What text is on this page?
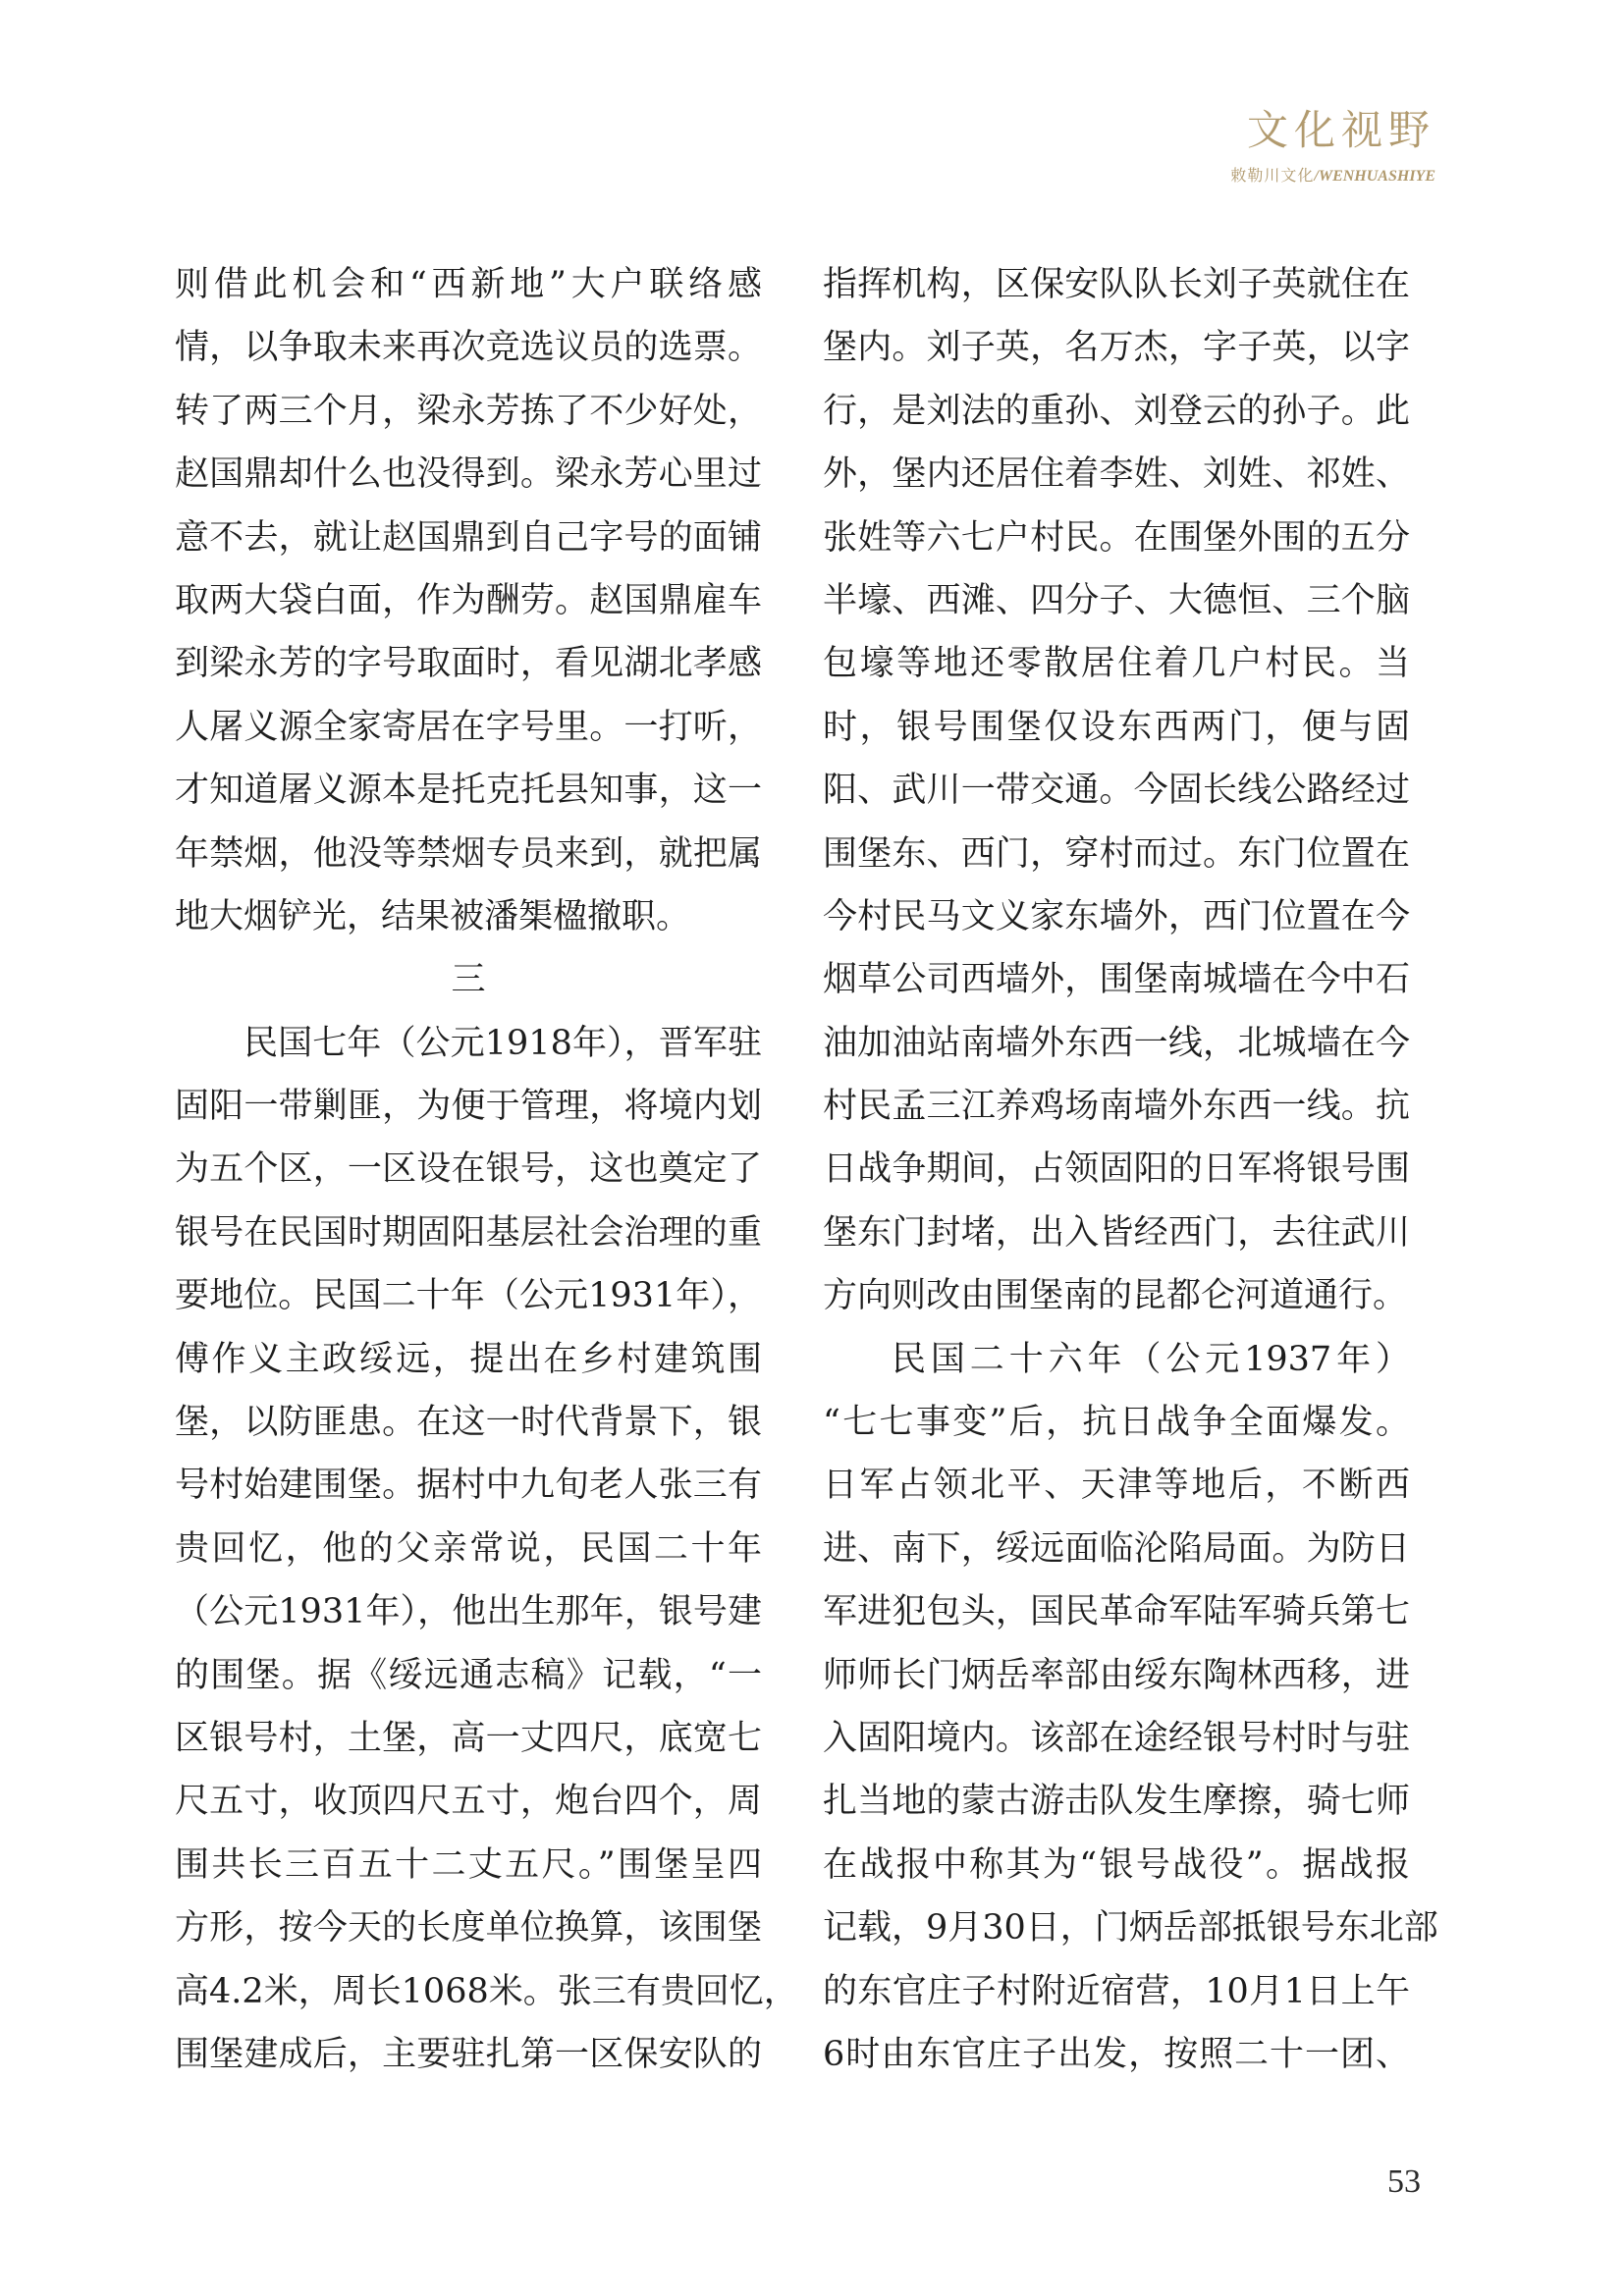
文化视野
敕勒川文化/WENHUASHIYE
则借此机会和“西新地”大户联络感
情，以争取未来再次竞选议员的选票。
转了两三个月，梁永芳拣了不少好处，
赵国鼎却什么也没得到。梁永芳心里过
意不去，就让赵国鼎到自己字号的面铺
取两大袋白面，作为酬劳。赵国鼎雇车
到梁永芳的字号取面时，看见湖北孝感
人屠义源全家寄居在字号里。一打听，
才知道屠义源本是托克托县知事，这一
年禁烟，他没等禁烟专员来到，就把属
地大烟铲光，结果被潘榘楹撤职。
三
民国七年（公元1918年），晋军驻
固阳一带剿匪，为便于管理，将境内划
为五个区，一区设在银号，这也奠定了
银号在民国时期固阳基层社会治理的重
要地位。民国二十年（公元1931年），
傅作义主政绥远，提出在乡村建筑围
堡，以防匪患。在这一时代背景下，银
号村始建围堡。据村中九旬老人张三有
贵回忆，他的父亲常说，民国二十年
（公元1931年），他出生那年，银号建
的围堡。据《绥远通志稿》记载，“一
区银号村，土堡，高一丈四尺，底宽七
尺五寸，收顶四尺五寸，炮台四个，周
围共长三百五十二丈五尺。”围堡呈四
方形，按今天的长度单位换算，该围堡
高4.2米，周长1068米。张三有贵回忆，
围堡建成后，主要驻扎第一区保安队的
指挥机构，区保安队队长刘子英就住在
堡内。刘子英，名万杰，字子英，以字
行，是刘法的重孙、刘登云的孙子。此
外，堡内还居住着李姓、刘姓、祁姓、
张姓等六七户村民。在围堡外围的五分
半壕、西滩、四分子、大德恒、三个脑
包壕等地还零散居住着几户村民。当
时，银号围堡仅设东西两门，便与固
阳、武川一带交通。今固长线公路经过
围堡东、西门，穿村而过。东门位置在
今村民马文义家东墙外，西门位置在今
烟草公司西墙外，围堡南城墙在今中石
油加油站南墙外东西一线，北城墙在今
村民孟三江养鸡场南墙外东西一线。抗
日战争期间，占领固阳的日军将银号围
堡东门封堵，出入皆经西门，去往武川
方向则改由围堡南的昆都仑河道通行。
民国二十六年（公元1937年）
“七七事变”后，抗日战争全面爆发。
日军占领北平、天津等地后，不断西
进、南下，绥远面临沦陷局面。为防日
军进犯包头，国民革命军陆军骑兵第七
师师长门炳岳率部由绥东陶林西移，进
入固阳境内。该部在途经银号村时与驻
扎当地的蒙古游击队发生摩擦，骑七师
在战报中称其为“银号战役”。据战报
记载，9月30日，门炳岳部抵银号东北部
的东官庄子村附近宿营，10月1日上午
6时由东官庄子出发，按照二十一团、
53
